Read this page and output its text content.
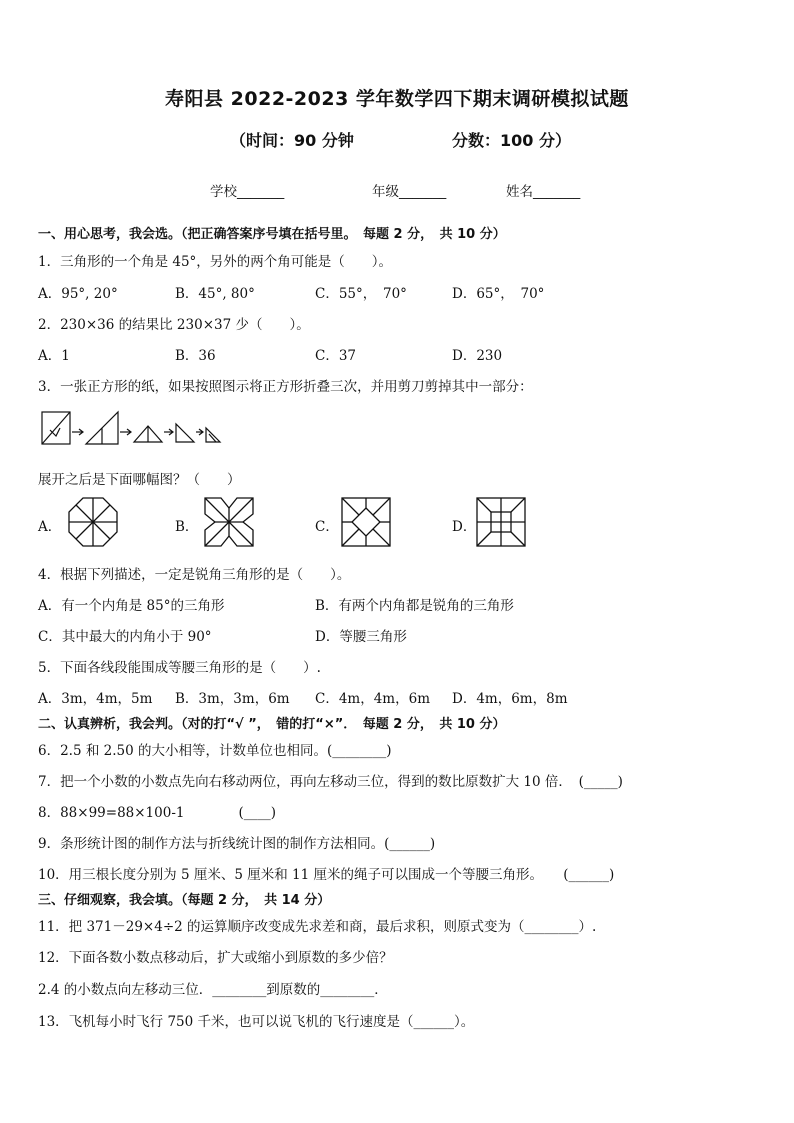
寿阳县 2022-2023 学年数学四下期末调研模拟试题
（时间：90 分钟	分数：100 分）
学校_______	年级_______	姓名_______
一、用心思考，我会选。（把正确答案序号填在括号里。　每题 2 分，　共 10 分）
1．三角形的一个角是 45°，另外的两个角可能是（　　）。
A．95°, 20°	B．45°, 80°	C．55°，　70°	D．65°，　70°
2．230×36 的结果比 230×37 少（　　）。
A．1	B．36	C．37	D．230
3．一张正方形的纸，如果按照图示将正方形折叠三次，并用剪刀剪掉其中一部分：
展开之后是下面哪幅图？（　　）
A．	B．	C．	D．
4．根据下列描述，一定是锐角三角形的是（　　）。
A．有一个内角是 85°的三角形	B．有两个内角都是锐角的三角形
C．其中最大的内角小于 90°	D．等腰三角形
5．下面各线段能围成等腰三角形的是（　　）.
A．3m，4m，5m B．3m，3m，6m C．4m，4m，6m D．4m，6m，8m
二、认真辨析，我会判。（对的打“√ ”，　错的打“×”．　每题 2 分，　共 10 分）
6．2.5 和 2.50 的大小相等，计数单位也相同。(________)
7．把一个小数的小数点先向右移动两位，再向左移动三位，得到的数比原数扩大 10 倍．　(_____)
8．88×99=88×100-1　　　　(____)
9．条形统计图的制作方法与折线统计图的制作方法相同。(______)
10．用三根长度分别为 5 厘米、5 厘米和 11 厘米的绳子可以围成一个等腰三角形。　　(______)
三、仔细观察，我会填。（每题 2 分，　共 14 分）
11．把 371－29×4÷2 的运算顺序改变成先求差和商，最后求积，则原式变为（________）.
12．下面各数小数点移动后，扩大或缩小到原数的多少倍？
2.4 的小数点向左移动三位．________到原数的________．
13．飞机每小时飞行 750 千米，也可以说飞机的飞行速度是（______）。
